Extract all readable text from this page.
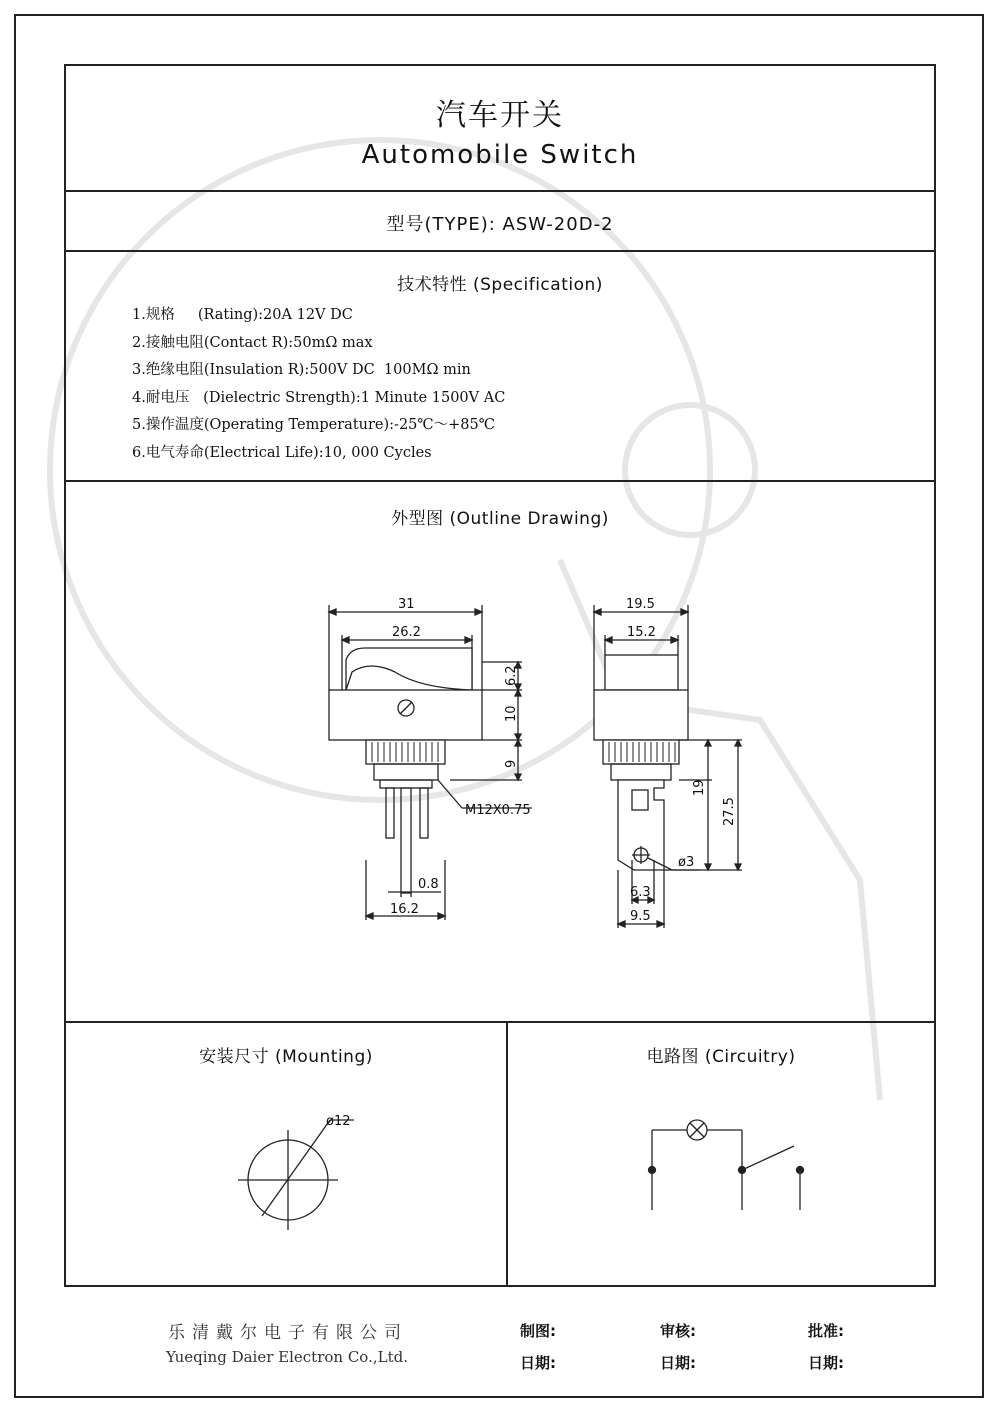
汽车开关
Automobile Switch
型号(TYPE): ASW-20D-2
技术特性 (Specification)
1.规格     (Rating):20A 12V DC
2.接触电阻(Contact R):50mΩ max
3.绝缘电阻(Insulation R):500V DC  100MΩ min
4.耐电压   (Dielectric Strength):1 Minute 1500V AC
5.操作温度(Operating Temperature):-25℃～+85℃
6.电气寿命(Electrical Life):10, 000 Cycles
外型图 (Outline Drawing)
安装尺寸 (Mounting)	电路图 (Circuitry)
31
26.2
6.2
10
9
M12X0.75
0.8
16.2
19.5
15.2
19
27.5
ø3
6.3
9.5
ø12
乐清戴尔电子有限公司
Yueqing Daier Electron Co.,Ltd.
制图:	审核:	批准:
日期:	日期:	日期:
